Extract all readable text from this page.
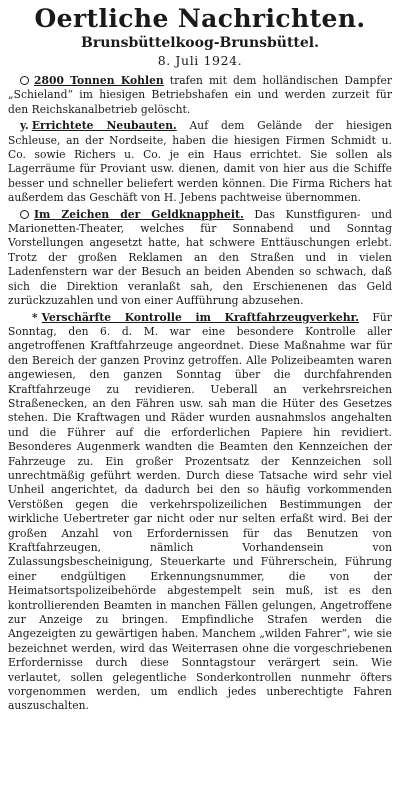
Oertliche Nachrichten.
Brunsbüttelkoog-Brunsbüttel.
8. Juli 1924.

2800 Tonnen Kohlen trafen mit dem holländischen Dampfer „Schieland“ im hiesigen Betriebshafen ein und werden zurzeit für den Reichskanalbetrieb gelöscht.

y. Errichtete Neubauten. Auf dem Gelände der hiesigen Schleuse, an der Nordseite, haben die hiesigen Firmen Schmidt u. Co. sowie Richers u. Co. je ein Haus errichtet. Sie sollen als Lagerräume für Proviant usw. dienen, damit von hier aus die Schiffe besser und schneller beliefert werden können. Die Firma Richers hat außerdem das Geschäft von H. Jebens pachtweise übernommen.

Im Zeichen der Geldknappheit. Das Kunstfiguren- und Marionetten-Theater, welches für Sonnabend und Sonntag Vorstellungen angesetzt hatte, hat schwere Enttäuschungen erlebt. Trotz der großen Reklamen an den Straßen und in vielen Ladenfenstern war der Besuch an beiden Abenden so schwach, daß sich die Direktion veranlaßt sah, den Erschienenen das Geld zurückzuzahlen und von einer Aufführung abzusehen.

* Verschärfte Kontrolle im Kraftfahrzeugverkehr. Für Sonntag, den 6. d. M. war eine besondere Kontrolle aller angetroffenen Kraftfahrzeuge angeordnet. Diese Maßnahme war für den Bereich der ganzen Provinz getroffen. Alle Polizeibeamten waren angewiesen, den ganzen Sonntag über die durchfahrenden Kraftfahrzeuge zu revidieren. Ueberall an verkehrsreichen Straßenecken, an den Fähren usw. sah man die Hüter des Gesetzes stehen. Die Kraftwagen und Räder wurden ausnahmslos angehalten und die Führer auf die erforderlichen Papiere hin revidiert. Besonderes Augenmerk wandten die Beamten den Kennzeichen der Fahrzeuge zu. Ein großer Prozentsatz der Kennzeichen soll unrechtmäßig geführt werden. Durch diese Tatsache wird sehr viel Unheil angerichtet, da dadurch bei den so häufig vorkommenden Verstößen gegen die verkehrspolizeilichen Bestimmungen der wirkliche Uebertreter gar nicht oder nur selten erfaßt wird. Bei der großen Anzahl von Erfordernissen für das Benutzen von Kraftfahrzeugen, nämlich Vorhandensein von Zulassungsbescheinigung, Steuerkarte und Führerschein, Führung einer endgültigen Erkennungsnummer, die von der Heimatsortspolizeibehörde abgestempelt sein muß, ist es den kontrollierenden Beamten in manchen Fällen gelungen, Angetroffene zur Anzeige zu bringen. Empfindliche Strafen werden die Angezeigten zu gewärtigen haben. Manchem „wilden Fahrer“, wie sie bezeichnet werden, wird das Weiterrasen ohne die vorgeschriebenen Erfordernisse durch diese Sonntagstour verärgert sein. Wie verlautet, sollen gelegentliche Sonderkontrollen nunmehr öfters vorgenommen werden, um endlich jedes unberechtigte Fahren auszuschalten.
